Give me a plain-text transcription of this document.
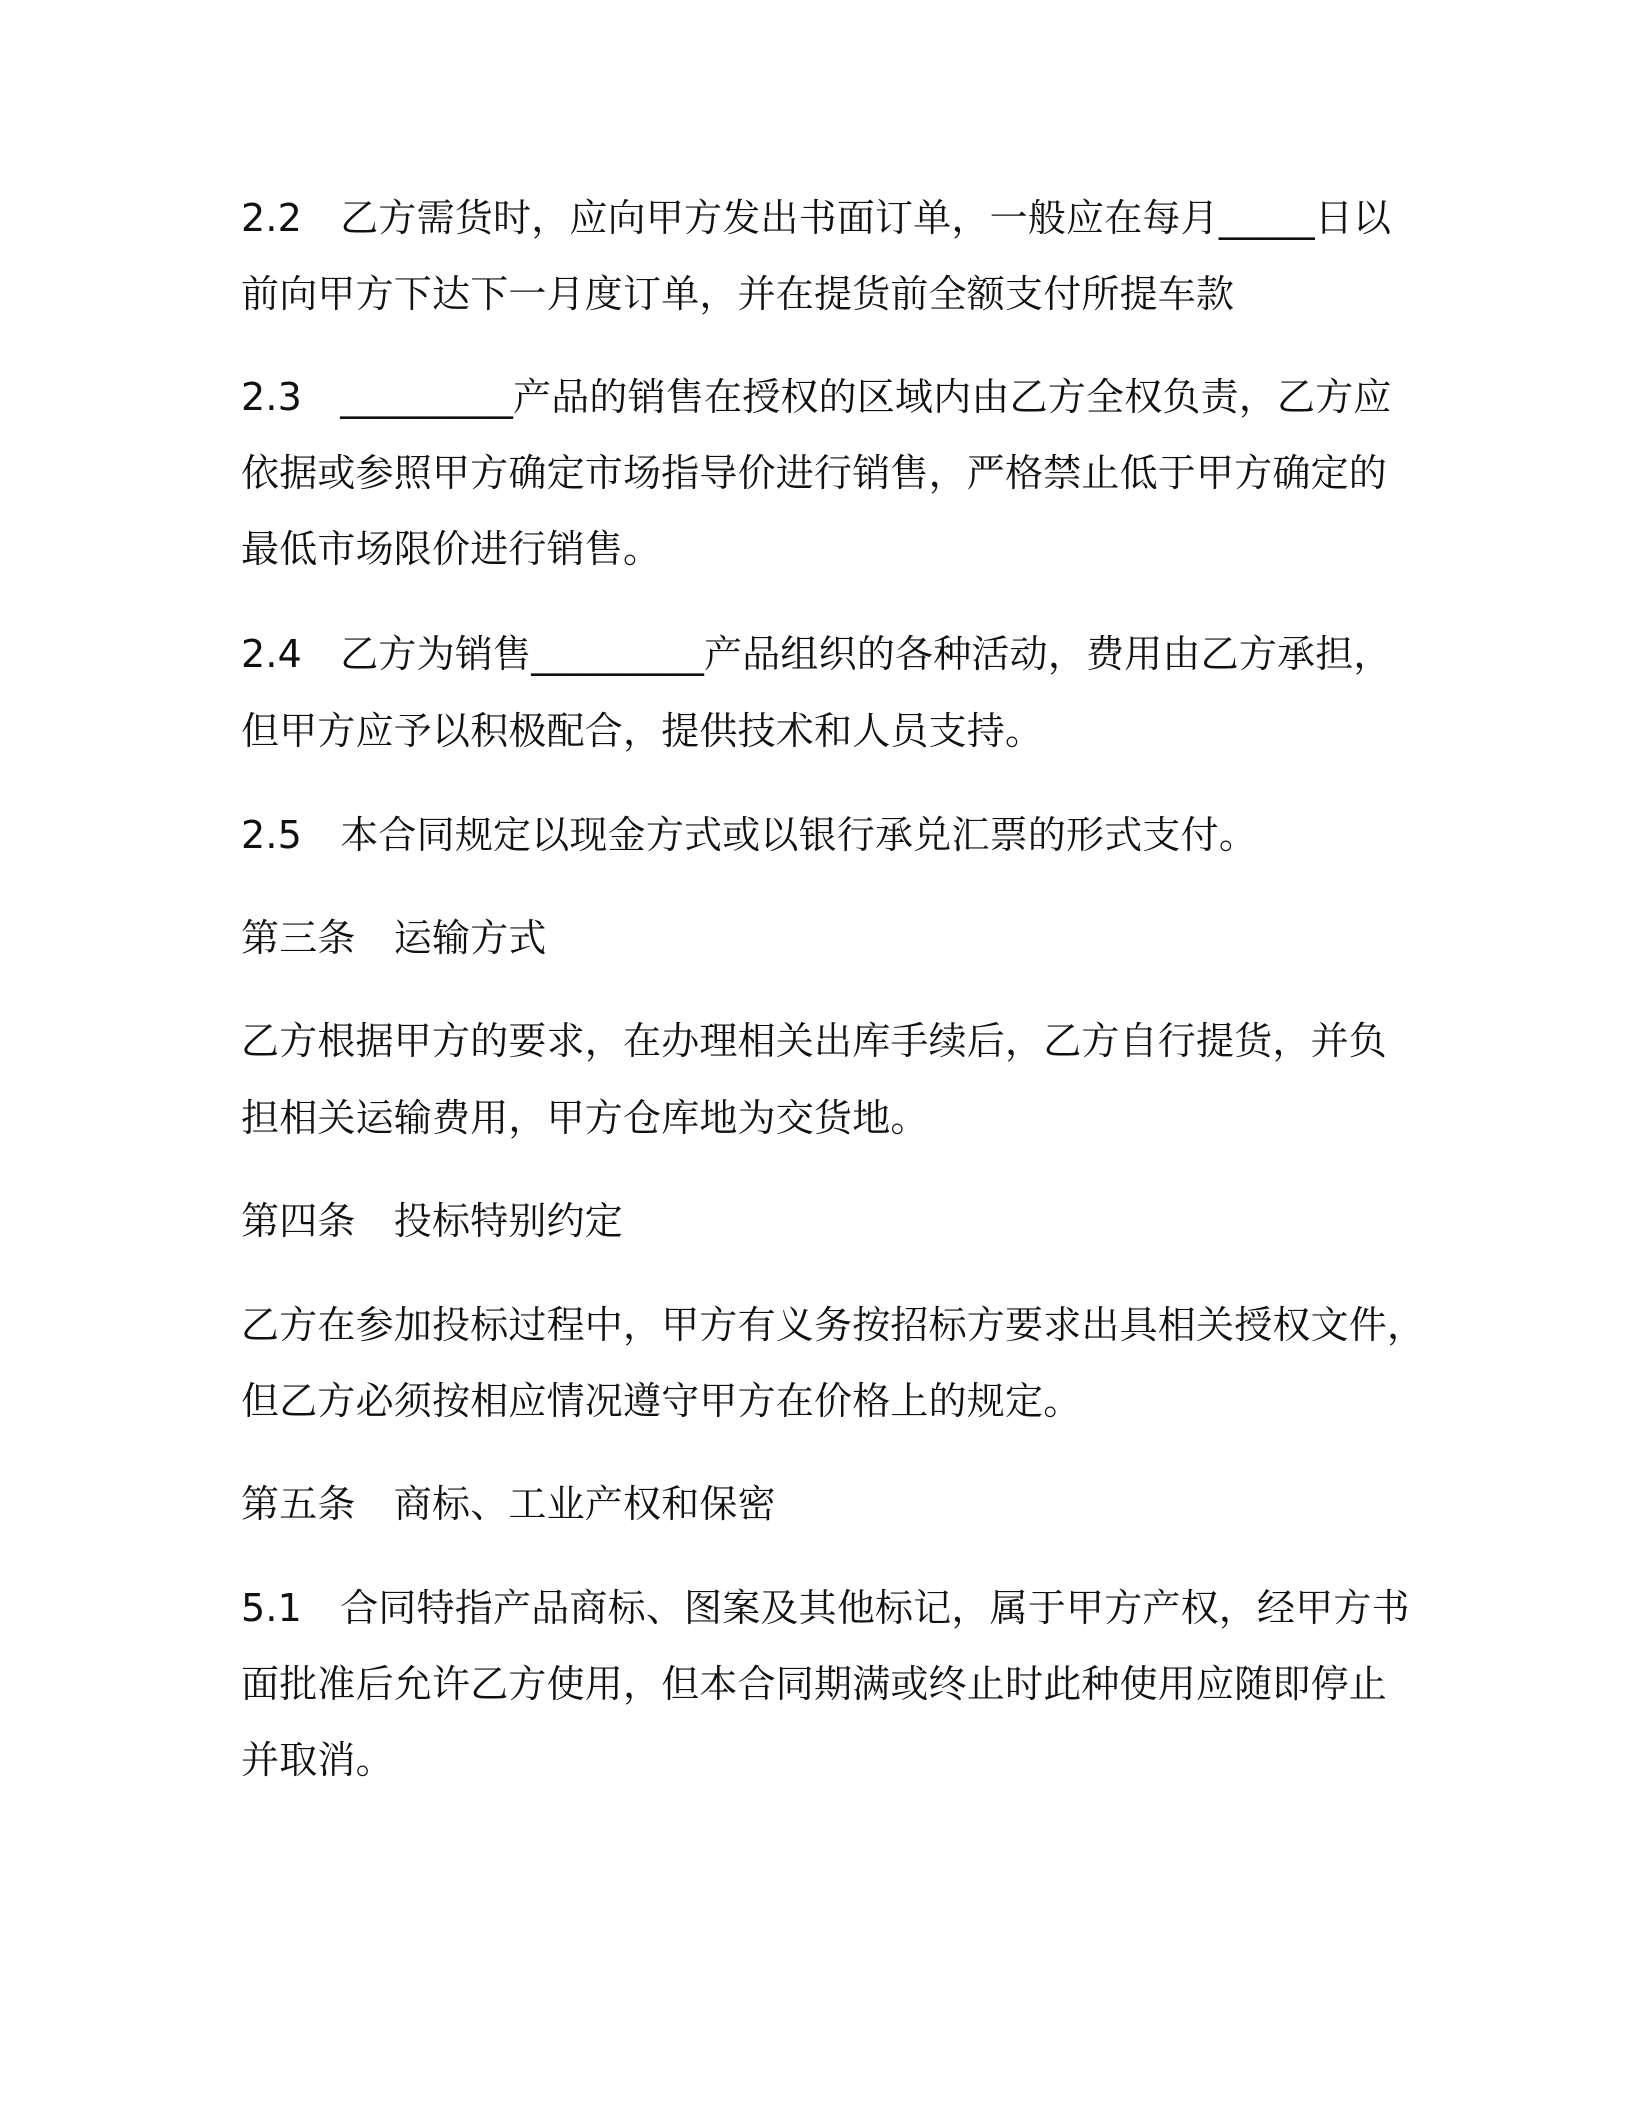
2.2　乙方需货时，应向甲方发出书面订单，一般应在每月_____日以
前向甲方下达下一月度订单，并在提货前全额支付所提车款
2.3　_________产品的销售在授权的区域内由乙方全权负责，乙方应
依据或参照甲方确定市场指导价进行销售，严格禁止低于甲方确定的
最低市场限价进行销售。
2.4　乙方为销售_________产品组织的各种活动，费用由乙方承担，
但甲方应予以积极配合，提供技术和人员支持。
2.5　本合同规定以现金方式或以银行承兑汇票的形式支付。
第三条　运输方式
乙方根据甲方的要求，在办理相关出库手续后，乙方自行提货，并负
担相关运输费用，甲方仓库地为交货地。
第四条　投标特别约定
乙方在参加投标过程中，甲方有义务按招标方要求出具相关授权文件，
但乙方必须按相应情况遵守甲方在价格上的规定。
第五条　商标、工业产权和保密
5.1　合同特指产品商标、图案及其他标记，属于甲方产权，经甲方书
面批准后允许乙方使用，但本合同期满或终止时此种使用应随即停止
并取消。
